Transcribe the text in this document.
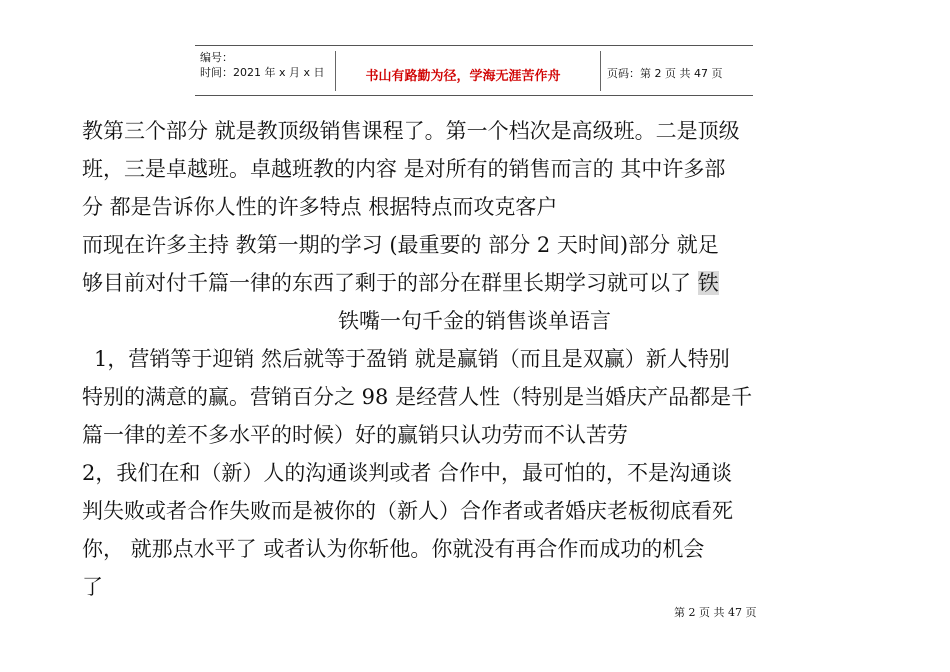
编号：
时间：2021 年 x 月 x 日	书山有路勤为径，学海无涯苦作舟	页码：第 2 页 共 47 页
教第三个部分 就是教顶级销售课程了。第一个档次是高级班。二是顶级
班，三是卓越班。卓越班教的内容 是对所有的销售而言的 其中许多部
分 都是告诉你人性的许多特点 根据特点而攻克客户
而现在许多主持 教第一期的学习 (最重要的 部分 2 天时间)部分 就足
够目前对付千篇一律的东西了剩于的部分在群里长期学习就可以了 铁
铁嘴一句千金的销售谈单语言
1，营销等于迎销 然后就等于盈销 就是赢销（而且是双赢）新人特别
特别的满意的赢。营销百分之 98 是经营人性（特别是当婚庆产品都是千
篇一律的差不多水平的时候）好的赢销只认功劳而不认苦劳
2，我们在和（新）人的沟通谈判或者 合作中，最可怕的，不是沟通谈
判失败或者合作失败而是被你的（新人）合作者或者婚庆老板彻底看死
你， 就那点水平了 或者认为你斩他。你就没有再合作而成功的机会
了
第 2 页 共 47 页
